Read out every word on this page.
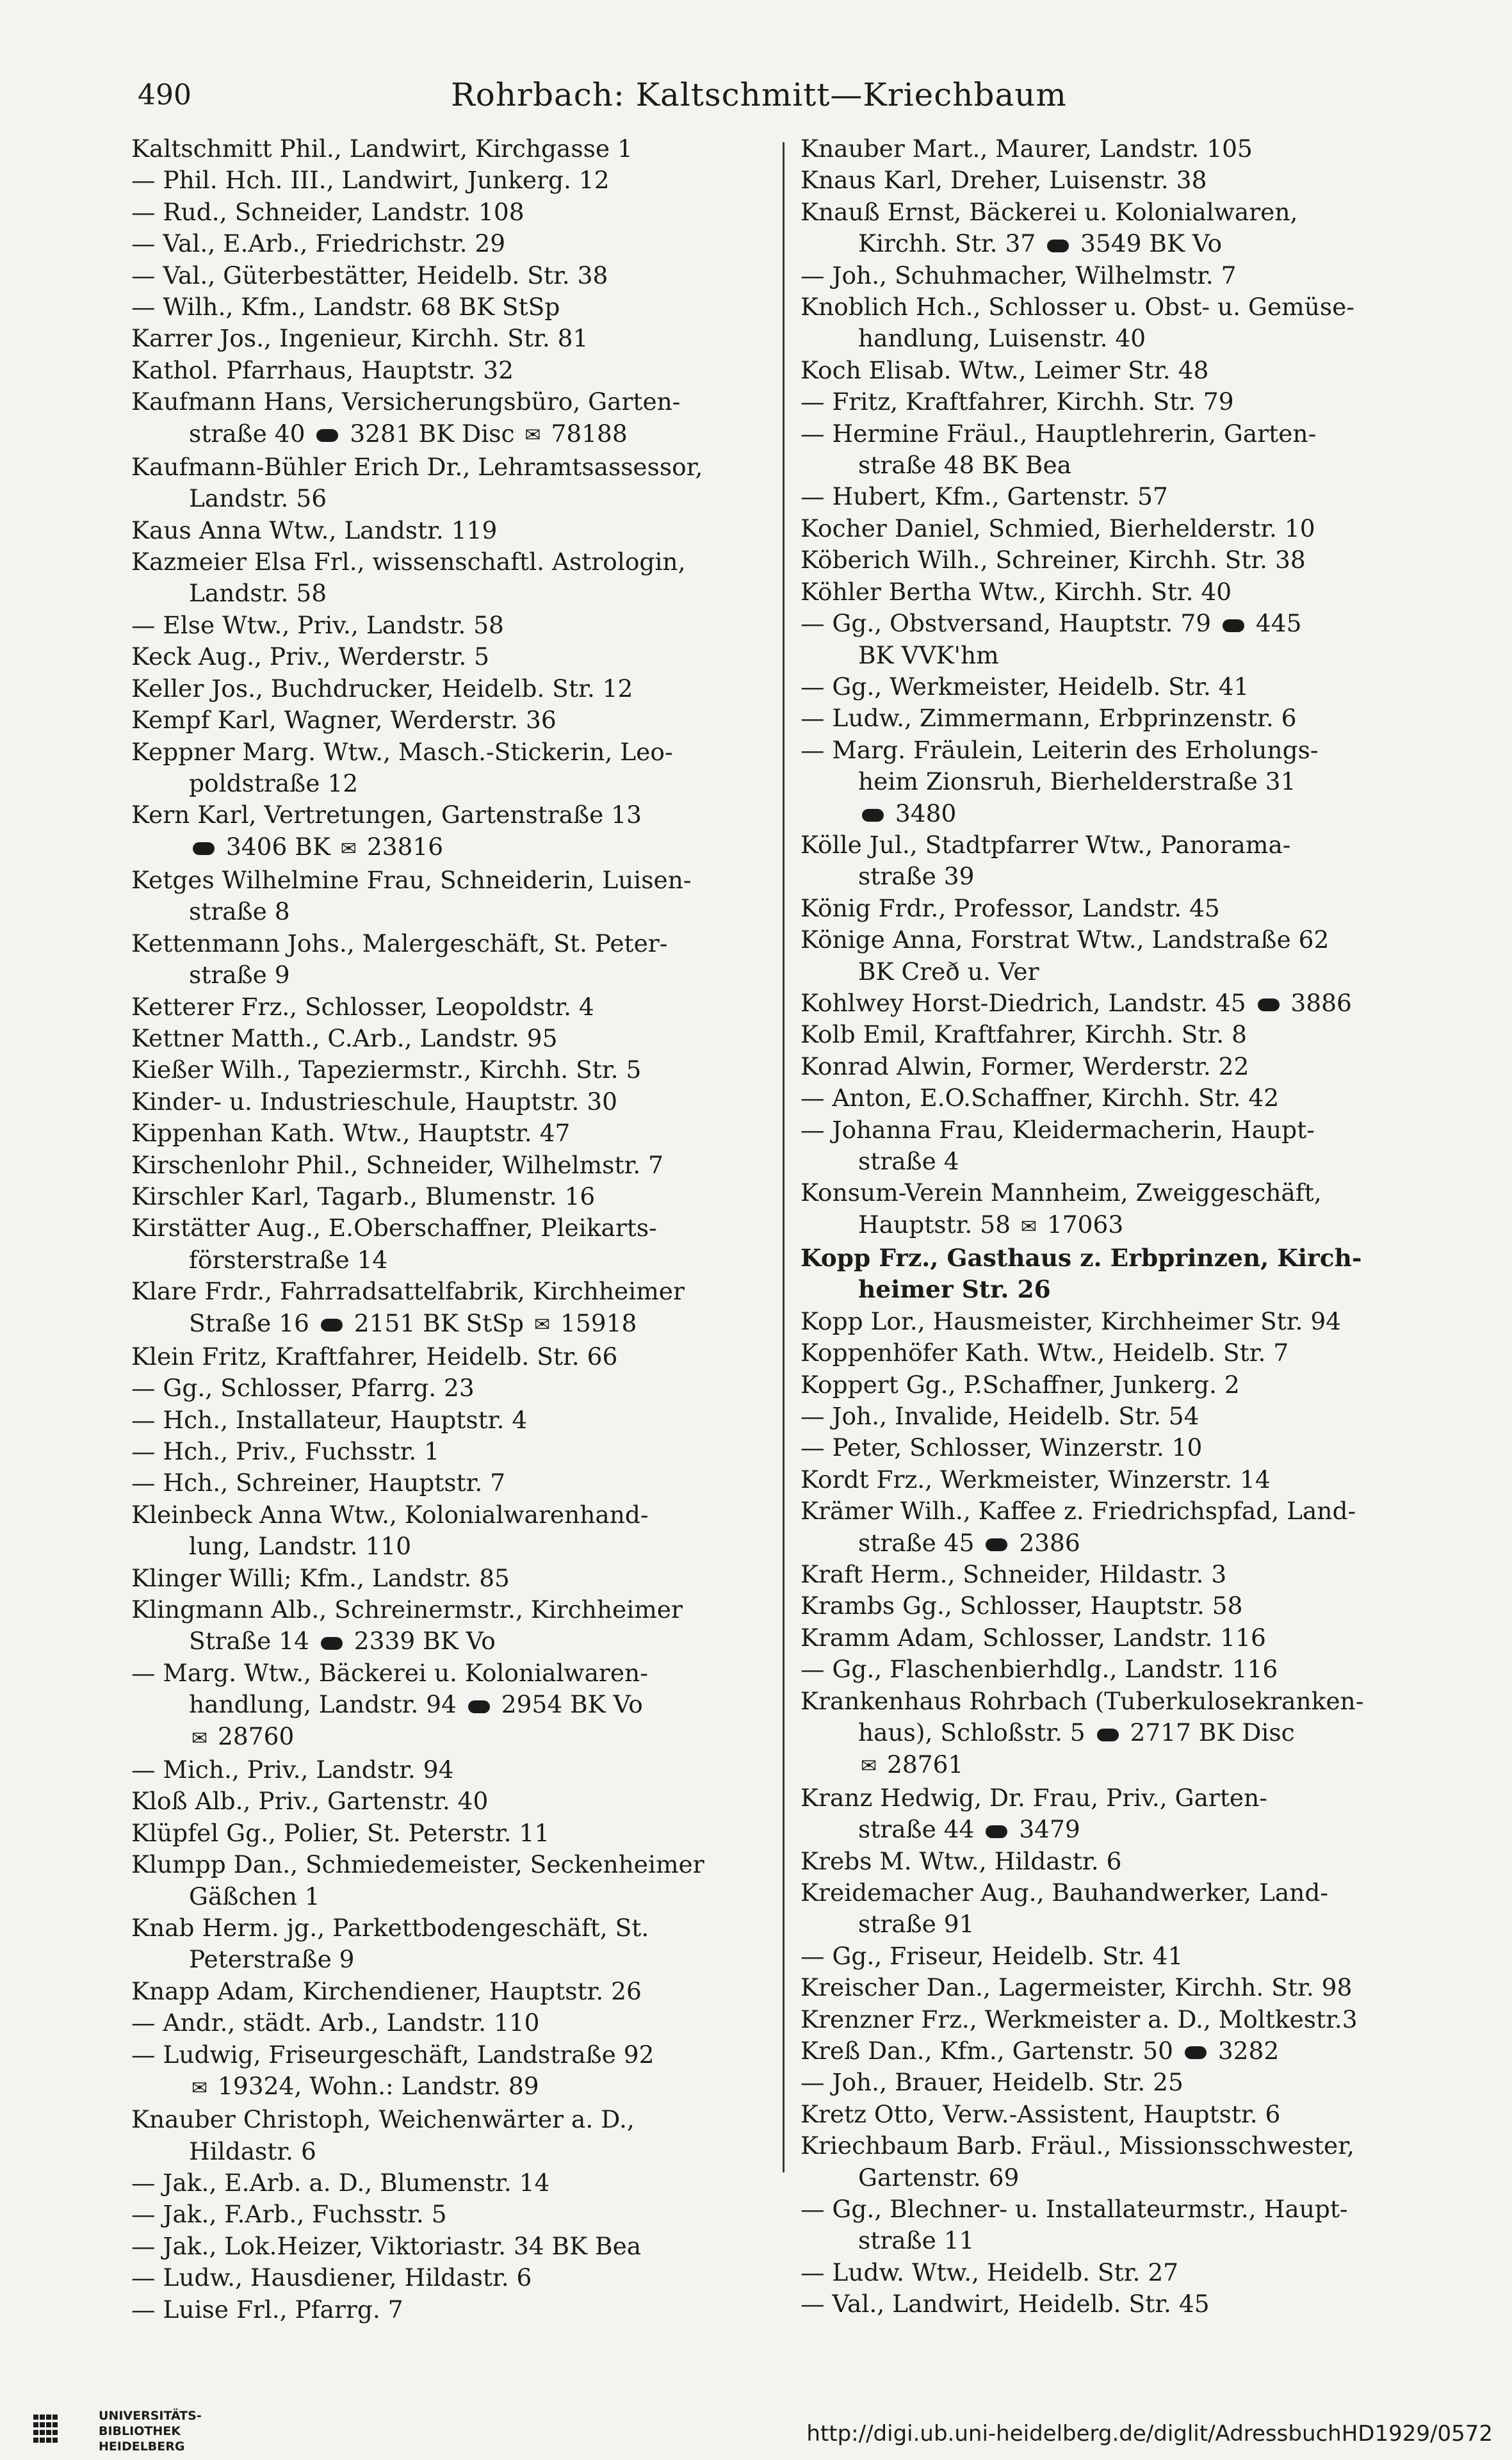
490	Rohrbach: Kaltschmitt—Kriechbaum
Kaltschmitt Phil., Landwirt, Kirchgasse 1
— Phil. Hch. III., Landwirt, Junkerg. 12
— Rud., Schneider, Landstr. 108
— Val., E.Arb., Friedrichstr. 29
— Val., Güterbestätter, Heidelb. Str. 38
— Wilh., Kfm., Landstr. 68 BK StSp
Karrer Jos., Ingenieur, Kirchh. Str. 81
Kathol. Pfarrhaus, Hauptstr. 32
Kaufmann Hans, Versicherungsbüro, Garten-
straße 40  3281 BK Disc ✉ 78188
Kaufmann-Bühler Erich Dr., Lehramtsassessor,
Landstr. 56
Kaus Anna Wtw., Landstr. 119
Kazmeier Elsa Frl., wissenschaftl. Astrologin,
Landstr. 58
— Else Wtw., Priv., Landstr. 58
Keck Aug., Priv., Werderstr. 5
Keller Jos., Buchdrucker, Heidelb. Str. 12
Kempf Karl, Wagner, Werderstr. 36
Keppner Marg. Wtw., Masch.-Stickerin, Leo-
poldstraße 12
Kern Karl, Vertretungen, Gartenstraße 13
3406 BK ✉ 23816
Ketges Wilhelmine Frau, Schneiderin, Luisen-
straße 8
Kettenmann Johs., Malergeschäft, St. Peter-
straße 9
Ketterer Frz., Schlosser, Leopoldstr. 4
Kettner Matth., C.Arb., Landstr. 95
Kießer Wilh., Tapeziermstr., Kirchh. Str. 5
Kinder- u. Industrieschule, Hauptstr. 30
Kippenhan Kath. Wtw., Hauptstr. 47
Kirschenlohr Phil., Schneider, Wilhelmstr. 7
Kirschler Karl, Tagarb., Blumenstr. 16
Kirstätter Aug., E.Oberschaffner, Pleikarts-
försterstraße 14
Klare Frdr., Fahrradsattelfabrik, Kirchheimer
Straße 16  2151 BK StSp ✉ 15918
Klein Fritz, Kraftfahrer, Heidelb. Str. 66
— Gg., Schlosser, Pfarrg. 23
— Hch., Installateur, Hauptstr. 4
— Hch., Priv., Fuchsstr. 1
— Hch., Schreiner, Hauptstr. 7
Kleinbeck Anna Wtw., Kolonialwarenhand-
lung, Landstr. 110
Klinger Willi; Kfm., Landstr. 85
Klingmann Alb., Schreinermstr., Kirchheimer
Straße 14  2339 BK Vo
— Marg. Wtw., Bäckerei u. Kolonialwaren-
handlung, Landstr. 94  2954 BK Vo
✉ 28760
— Mich., Priv., Landstr. 94
Kloß Alb., Priv., Gartenstr. 40
Klüpfel Gg., Polier, St. Peterstr. 11
Klumpp Dan., Schmiedemeister, Seckenheimer
Gäßchen 1
Knab Herm. jg., Parkettbodengeschäft, St.
Peterstraße 9
Knapp Adam, Kirchendiener, Hauptstr. 26
— Andr., städt. Arb., Landstr. 110
— Ludwig, Friseurgeschäft, Landstraße 92
✉ 19324, Wohn.: Landstr. 89
Knauber Christoph, Weichenwärter a. D.,
Hildastr. 6
— Jak., E.Arb. a. D., Blumenstr. 14
— Jak., F.Arb., Fuchsstr. 5
— Jak., Lok.Heizer, Viktoriastr. 34 BK Bea
— Ludw., Hausdiener, Hildastr. 6
— Luise Frl., Pfarrg. 7
Knauber Mart., Maurer, Landstr. 105
Knaus Karl, Dreher, Luisenstr. 38
Knauß Ernst, Bäckerei u. Kolonialwaren,
Kirchh. Str. 37  3549 BK Vo
— Joh., Schuhmacher, Wilhelmstr. 7
Knoblich Hch., Schlosser u. Obst- u. Gemüse-
handlung, Luisenstr. 40
Koch Elisab. Wtw., Leimer Str. 48
— Fritz, Kraftfahrer, Kirchh. Str. 79
— Hermine Fräul., Hauptlehrerin, Garten-
straße 48 BK Bea
— Hubert, Kfm., Gartenstr. 57
Kocher Daniel, Schmied, Bierhelderstr. 10
Köberich Wilh., Schreiner, Kirchh. Str. 38
Köhler Bertha Wtw., Kirchh. Str. 40
— Gg., Obstversand, Hauptstr. 79  445
BK VVK'hm
— Gg., Werkmeister, Heidelb. Str. 41
— Ludw., Zimmermann, Erbprinzenstr. 6
— Marg. Fräulein, Leiterin des Erholungs-
heim Zionsruh, Bierhelderstraße 31
3480
Kölle Jul., Stadtpfarrer Wtw., Panorama-
straße 39
König Frdr., Professor, Landstr. 45
Könige Anna, Forstrat Wtw., Landstraße 62
BK Creð u. Ver
Kohlwey Horst-Diedrich, Landstr. 45  3886
Kolb Emil, Kraftfahrer, Kirchh. Str. 8
Konrad Alwin, Former, Werderstr. 22
— Anton, E.O.Schaffner, Kirchh. Str. 42
— Johanna Frau, Kleidermacherin, Haupt-
straße 4
Konsum-Verein Mannheim, Zweiggeschäft,
Hauptstr. 58 ✉ 17063
Kopp Frz., Gasthaus z. Erbprinzen, Kirch-
heimer Str. 26
Kopp Lor., Hausmeister, Kirchheimer Str. 94
Koppenhöfer Kath. Wtw., Heidelb. Str. 7
Koppert Gg., P.Schaffner, Junkerg. 2
— Joh., Invalide, Heidelb. Str. 54
— Peter, Schlosser, Winzerstr. 10
Kordt Frz., Werkmeister, Winzerstr. 14
Krämer Wilh., Kaffee z. Friedrichspfad, Land-
straße 45  2386
Kraft Herm., Schneider, Hildastr. 3
Krambs Gg., Schlosser, Hauptstr. 58
Kramm Adam, Schlosser, Landstr. 116
— Gg., Flaschenbierhdlg., Landstr. 116
Krankenhaus Rohrbach (Tuberkulosekranken-
haus), Schloßstr. 5  2717 BK Disc
✉ 28761
Kranz Hedwig, Dr. Frau, Priv., Garten-
straße 44  3479
Krebs M. Wtw., Hildastr. 6
Kreidemacher Aug., Bauhandwerker, Land-
straße 91
— Gg., Friseur, Heidelb. Str. 41
Kreischer Dan., Lagermeister, Kirchh. Str. 98
Krenzner Frz., Werkmeister a. D., Moltkestr.3
Kreß Dan., Kfm., Gartenstr. 50  3282
— Joh., Brauer, Heidelb. Str. 25
Kretz Otto, Verw.-Assistent, Hauptstr. 6
Kriechbaum Barb. Fräul., Missionsschwester,
Gartenstr. 69
— Gg., Blechner- u. Installateurmstr., Haupt-
straße 11
— Ludw. Wtw., Heidelb. Str. 27
— Val., Landwirt, Heidelb. Str. 45
UNIVERSITÄTS-
BIBLIOTHEK
HEIDELBERG	http://digi.ub.uni-heidelberg.de/diglit/AdressbuchHD1929/0572
